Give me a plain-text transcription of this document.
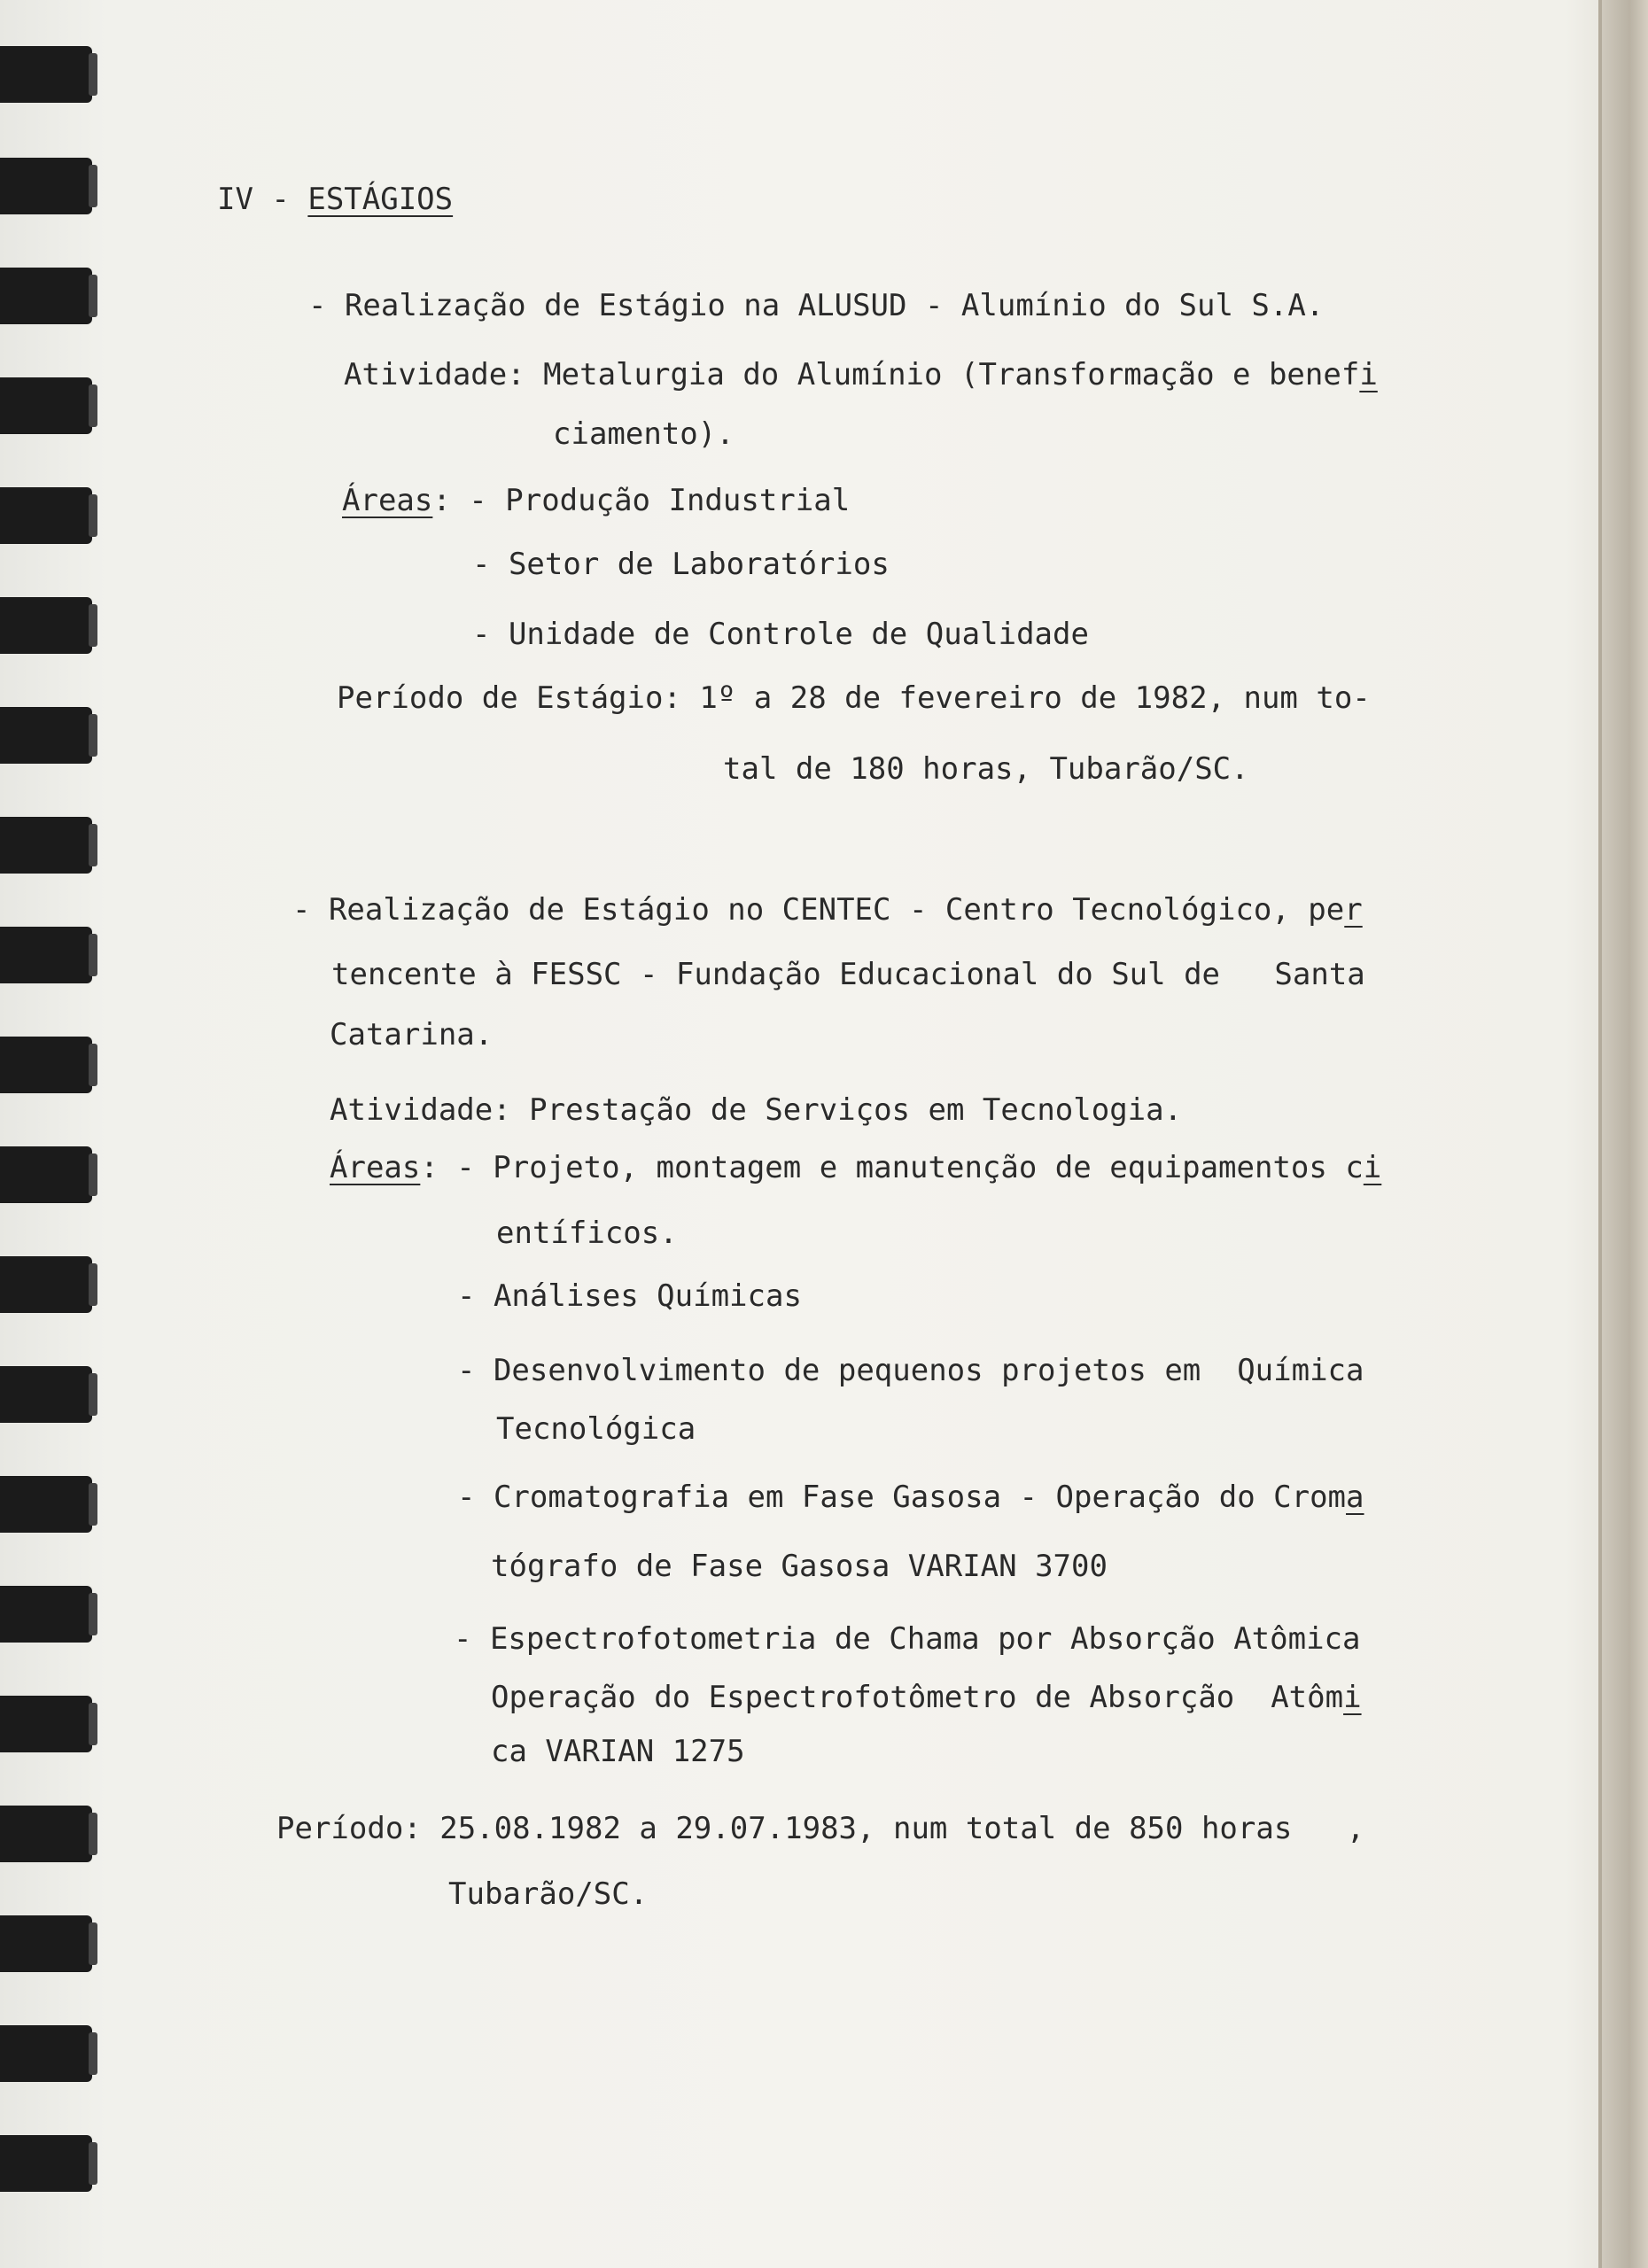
IV - ESTÁGIOS
- Realização de Estágio na ALUSUD - Alumínio do Sul S.A.
Atividade: Metalurgia do Alumínio (Transformação e benefi
ciamento).
Áreas: - Produção Industrial
- Setor de Laboratórios
- Unidade de Controle de Qualidade
Período de Estágio: 1º a 28 de fevereiro de 1982, num to-
tal de 180 horas, Tubarão/SC.
- Realização de Estágio no CENTEC - Centro Tecnológico, per
tencente à FESSC - Fundação Educacional do Sul de   Santa
Catarina.
Atividade: Prestação de Serviços em Tecnologia.
Áreas: - Projeto, montagem e manutenção de equipamentos ci
entíficos.
- Análises Químicas
- Desenvolvimento de pequenos projetos em  Química
Tecnológica
- Cromatografia em Fase Gasosa - Operação do Croma
tógrafo de Fase Gasosa VARIAN 3700
- Espectrofotometria de Chama por Absorção Atômica
Operação do Espectrofotômetro de Absorção  Atômi
ca VARIAN 1275
Período: 25.08.1982 a 29.07.1983, num total de 850 horas   ,
Tubarão/SC.
